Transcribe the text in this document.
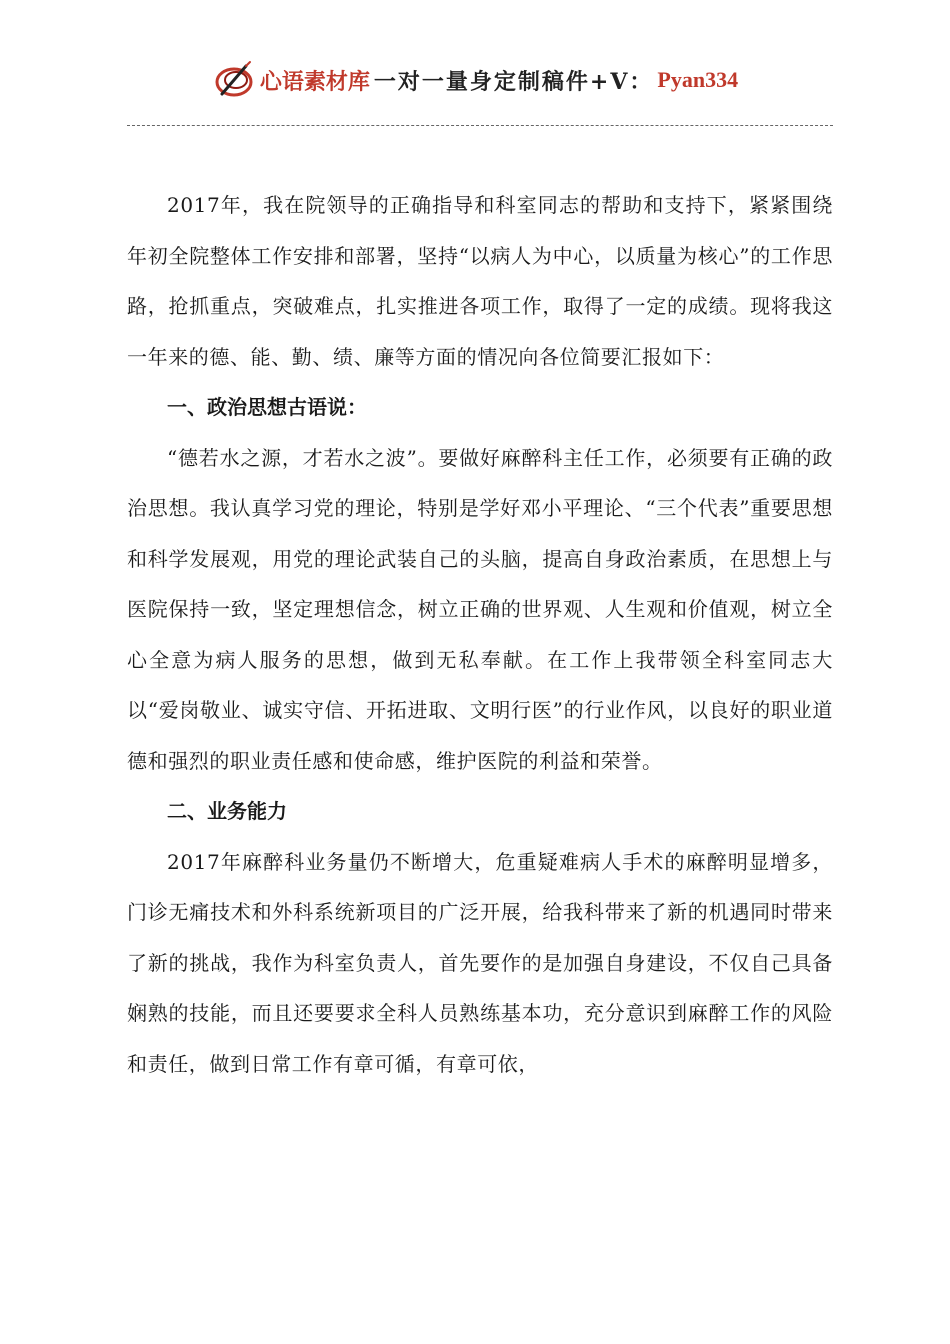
心语素材库 一对一量身定制稿件+V： Pyan334

2017年，我在院领导的正确指导和科室同志的帮助和支持下，紧紧围绕年初全院整体工作安排和部署，坚持“以病人为中心，以质量为核心”的工作思路，抢抓重点，突破难点，扎实推进各项工作，取得了一定的成绩。现将我这一年来的德、能、勤、绩、廉等方面的情况向各位简要汇报如下：

一、政治思想古语说：

“德若水之源，才若水之波”。要做好麻醉科主任工作，必须要有正确的政治思想。我认真学习党的理论，特别是学好邓小平理论、“三个代表”重要思想和科学发展观，用党的理论武装自己的头脑，提高自身政治素质，在思想上与医院保持一致，坚定理想信念，树立正确的世界观、人生观和价值观，树立全心全意为病人服务的思想，做到无私奉献。在工作上我带领全科室同志大以“爱岗敬业、诚实守信、开拓进取、文明行医”的行业作风，以良好的职业道德和强烈的职业责任感和使命感，维护医院的利益和荣誉。

二、业务能力

2017年麻醉科业务量仍不断增大，危重疑难病人手术的麻醉明显增多，门诊无痛技术和外科系统新项目的广泛开展，给我科带来了新的机遇同时带来了新的挑战，我作为科室负责人，首先要作的是加强自身建设，不仅自己具备娴熟的技能，而且还要要求全科人员熟练基本功，充分意识到麻醉工作的风险和责任，做到日常工作有章可循，有章可依，
